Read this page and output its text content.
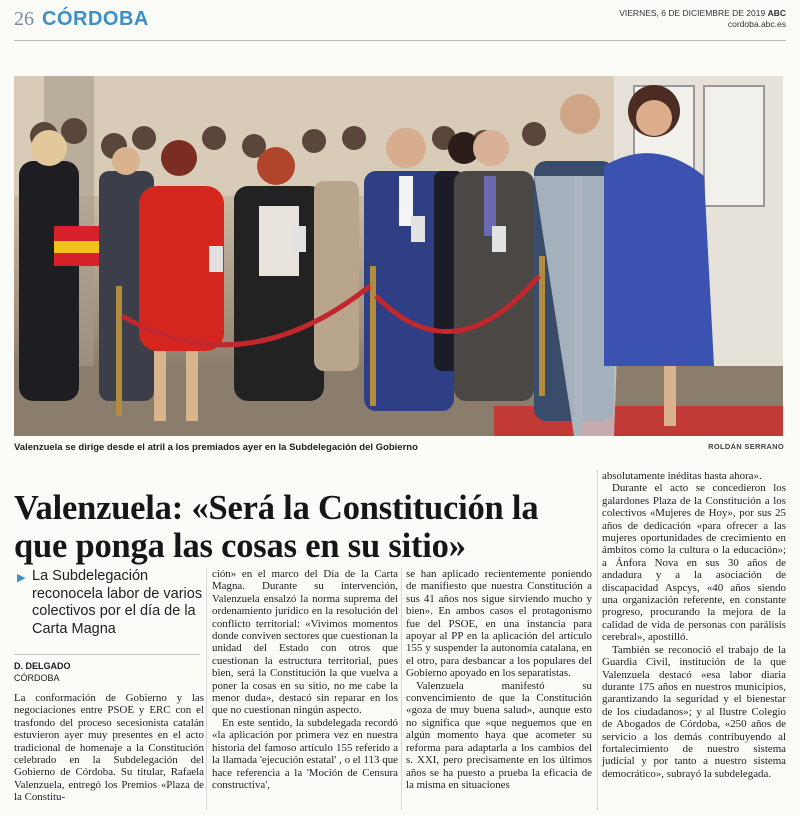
26 CÓRDOBA	VIERNES, 6 DE DICIEMBRE DE 2019 ABC
cordoba.abc.es
Valenzuela se dirige desde el atril a los premiados ayer en la Subdelegación del Gobierno	ROLDÁN SERRANO
Valenzuela: «Será la Constitución la que ponga las cosas en su sitio»
▶ La Subdelegación reconocela labor de varios colectivos por el día de la Carta Magna
D. DELGADO
CÓRDOBA

La conformación de Gobierno y las negociaciones entre PSOE y ERC con el trasfondo del proceso secesionista catalán estuvieron ayer muy presentes en el acto tradicional de homenaje a la Constitución celebrado en la Subdelegación del Gobierno de Córdoba. Su titular, Rafaela Valenzuela, entregó los Premios «Plaza de la Constitu-

ción» en el marco del Día de la Carta Magna. Durante su intervención, Valenzuela ensalzó la norma suprema del ordenamiento jurídico en la resolución del conflicto territorial: «Vivimos momentos donde conviven sectores que cuestionan la unidad del Estado con otros que cuestionan la estructura territorial, pues bien, será la Constitución la que vuelva a poner la cosas en su sitio, no me cabe la menor duda», destacó sin reparar en los que no cuestionan ningún aspecto.

En este sentido, la subdelegada recordó «la aplicación por primera vez en nuestra historia del famoso artículo 155 referido a la llamada 'ejecución estatal' , o el 113 que hace referencia a la 'Moción de Censura constructiva',

se han aplicado recientemente poniendo de manifiesto que nuestra Constitución a sus 41 años nos sigue sirviendo mucho y bien». En ambos casos el protagonismo fue del PSOE, en una instancia para apoyar al PP en la aplicación del artículo 155 y suspender la autonomía catalana, en el otro, para desbancar a los populares del Gobierno apoyado en los separatistas.

Valenzuela manifestó su convencimiento de que la Constitución «goza de muy buena salud», aunque esto no significa que «que neguemos que en algún momento haya que acometer su reforma para adaptarla a los cambios del s. XXI, pero precisamente en los últimos años se ha puesto a prueba la eficacia de la misma en situaciones

absolutamente inéditas hasta ahora».

Durante el acto se concedieron los galardones Plaza de la Constitución a los colectivos «Mujeres de Hoy», por sus 25 años de dedicación «para ofrecer a las mujeres oportunidades de crecimiento en ámbitos como la cultura o la educación»; a Ánfora Nova en sus 30 años de andadura y a la asociación de discapacidad Aspcys, «40 años siendo una organización referente, en constante progreso, procurando la mejora de la calidad de vida de personas con parálisis cerebral», apostilló.

También se reconoció el trabajo de la Guardia Civil, institución de la que Valenzuela destacó «esa labor diaria durante 175 años en nuestros municipios, garantizando la seguridad y el bienestar de los ciudadanos»; y al Ilustre Colegio de Abogados de Córdoba, «250 años de servicio a los demás contribuyendo al fortalecimiento de nuestro sistema judicial y por tanto a nuestro sistema democrático», subrayó la subdelegada.
